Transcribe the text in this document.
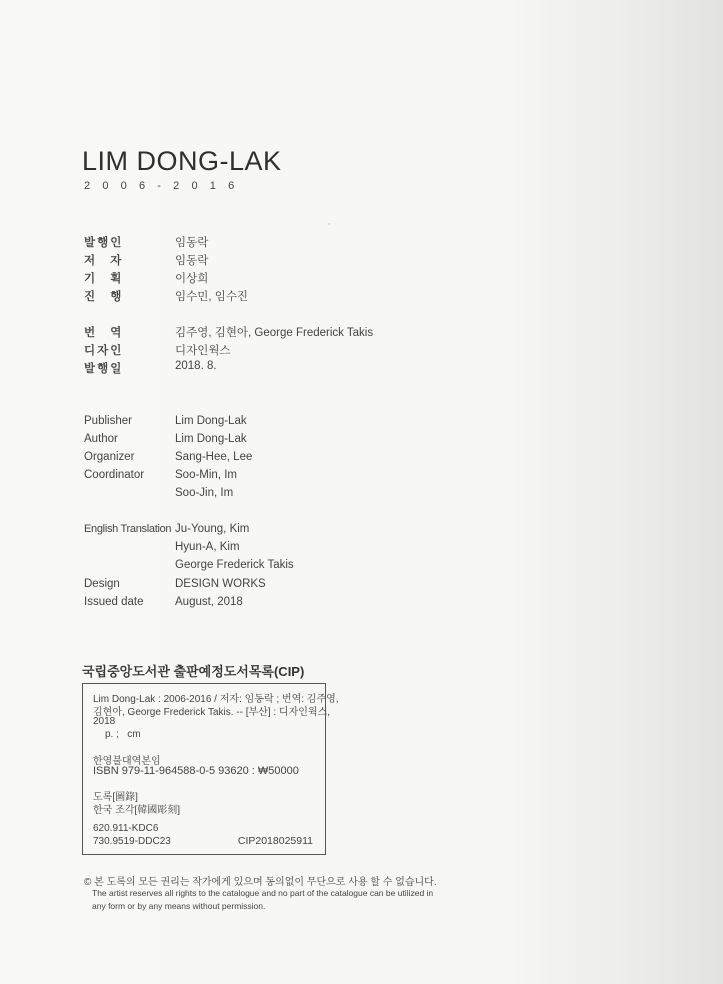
LIM DONG-LAK
2006-2016
ˇ
발행인	임동락
저 자	임동락
기 획	이상희
진 행	임수민, 임수진
번 역	김주영, 김현아, George Frederick Takis
디자인	디자인웍스
발행일	2018. 8.
Publisher	Lim Dong-Lak
Author	Lim Dong-Lak
Organizer	Sang-Hee, Lee
Coordinator	Soo-Min, Im
Soo-Jin, Im
English Translation Ju-Young, Kim
Hyun-A, Kim
George Frederick Takis
Design	DESIGN WORKS
Issued date	August, 2018
국립중앙도서관 출판예정도서목록(CIP)
Lim Dong-Lak : 2006-2016 / 저자: 임동락 ; 번역: 김주영,
김현아, George Frederick Takis. -- [부산] : 디자인웍스,
2018
p. ;   cm
한영불대역본임
ISBN 979-11-964588-0-5 93620 : ₩50000
도록[圖錄]
한국 조각[韓國彫刻]
620.911-KDC6
730.9519-DDC23	CIP2018025911
© 본 도록의 모든 권리는 작가에게 있으며 동의없이 무단으로 사용 할 수 없습니다.
The artist reserves all rights to the catalogue and no part of the catalogue can be utilized in
any form or by any means without permission.
